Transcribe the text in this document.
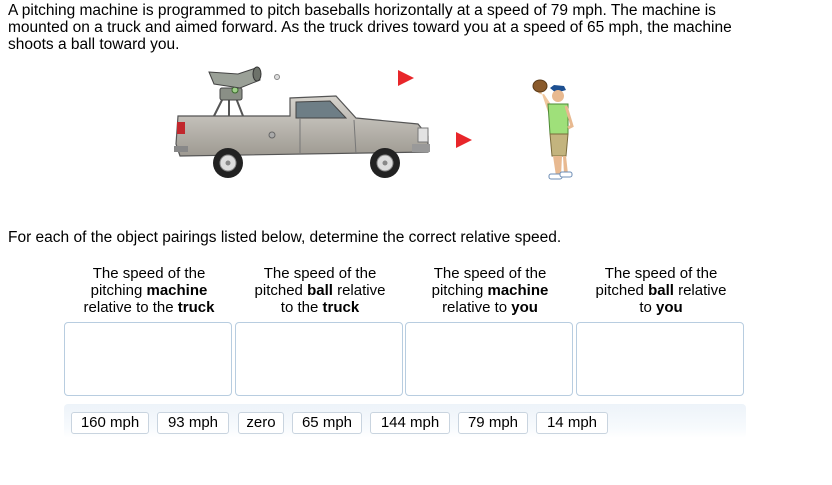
A pitching machine is programmed to pitch baseballs horizontally at a speed of 79 mph. The machine is
mounted on a truck and aimed forward. As the truck drives toward you at a speed of 65 mph, the machine
shoots a ball toward you.

For each of the object pairings listed below, determine the correct relative speed.

The speed of the
pitching machine
relative to the truck
The speed of the
pitched ball relative
to the truck
The speed of the
pitching machine
relative to you
The speed of the
pitched ball relative
to you
160 mph	93 mph	zero	65 mph	144 mph	79 mph	14 mph
